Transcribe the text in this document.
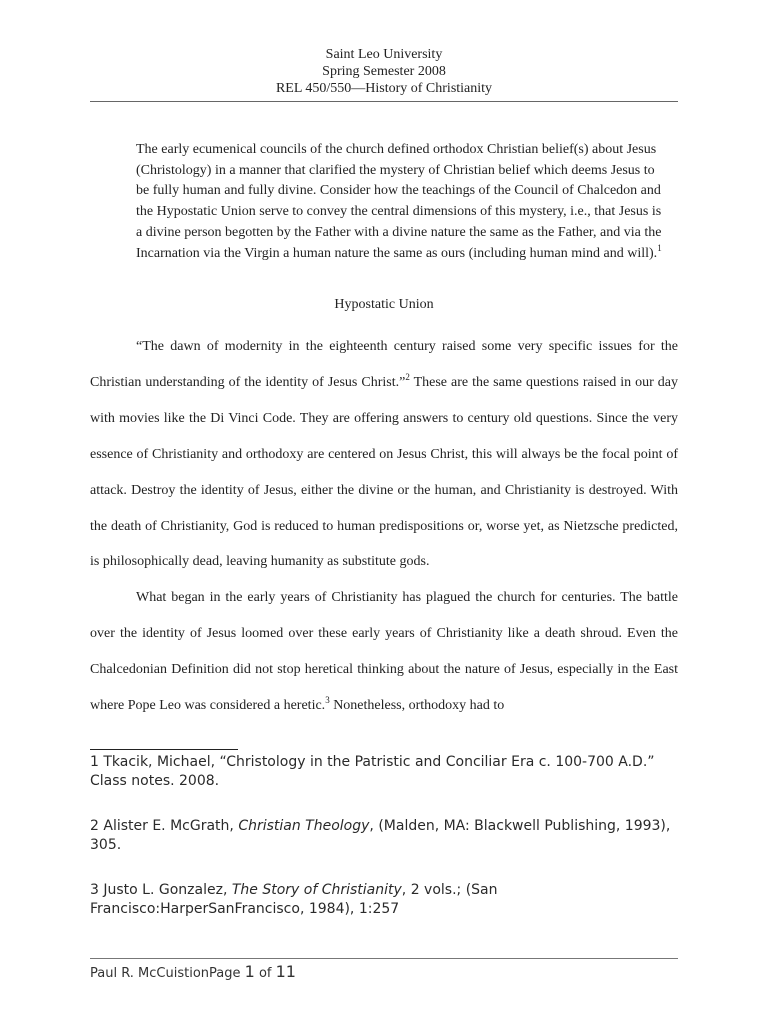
Saint Leo University
Spring Semester 2008
REL 450/550—History of Christianity
The early ecumenical councils of the church defined orthodox Christian belief(s) about Jesus (Christology) in a manner that clarified the mystery of Christian belief which deems Jesus to be fully human and fully divine. Consider how the teachings of the Council of Chalcedon and the Hypostatic Union serve to convey the central dimensions of this mystery, i.e., that Jesus is a divine person begotten by the Father with a divine nature the same as the Father, and via the Incarnation via the Virgin a human nature the same as ours (including human mind and will).$^1$
Hypostatic Union

“The dawn of modernity in the eighteenth century raised some very specific issues for the Christian understanding of the identity of Jesus Christ.”$^2$ These are the same questions raised in our day with movies like the Di Vinci Code. They are offering answers to century old questions. Since the very essence of Christianity and orthodoxy are centered on Jesus Christ, this will always be the focal point of attack. Destroy the identity of Jesus, either the divine or the human, and Christianity is destroyed. With the death of Christianity, God is reduced to human predispositions or, worse yet, as Nietzsche predicted, is philosophically dead, leaving humanity as substitute gods.

What began in the early years of Christianity has plagued the church for centuries. The battle over the identity of Jesus loomed over these early years of Christianity like a death shroud. Even the Chalcedonian Definition did not stop heretical thinking about the nature of Jesus, especially in the East where Pope Leo was considered a heretic.$^3$ Nonetheless, orthodoxy had to

1 Tkacik, Michael, “Christology in the Patristic and Conciliar Era c. 100-700 A.D.” Class notes. 2008.
2 Alister E. McGrath, Christian Theology, (Malden, MA: Blackwell Publishing, 1993), 305.
3 Justo L. Gonzalez, The Story of Christianity, 2 vols.; (San Francisco:HarperSanFrancisco, 1984), 1:257
Paul R. McCuistionPage 1 of 11
